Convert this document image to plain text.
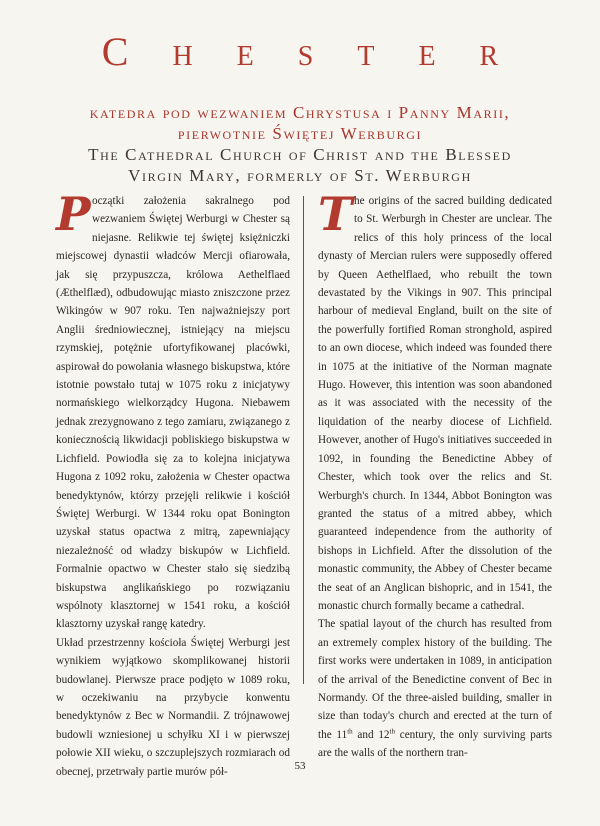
Chester
katedra pod wezwaniem Chrystusa i Panny Marii,
pierwotnie Świętej Werburgi
The Cathedral Church of Christ and the Blessed
Virgin Mary, formerly of St. Werburgh
P oczątki założenia sakralnego pod wezwaniem Świętej Werburgi w Chester są niejasne. Relikwie tej świętej księżniczki miejscowej dynastii władców Mercji ofiarowała, jak się przypuszcza, królowa Aethelflaed (Æthelflæd), odbudowując miasto zniszczone przez Wikingów w 907 roku. Ten najważniejszy port Anglii średniowiecznej, istniejący na miejscu rzymskiej, potężnie ufortyfikowanej placówki, aspirował do powołania własnego biskupstwa, które istotnie powstało tutaj w 1075 roku z inicjatywy normańskiego wielkorządcy Hugona. Niebawem jednak zrezygnowano z tego zamiaru, związanego z koniecznością likwidacji pobliskiego biskupstwa w Lichfield. Powiodła się za to kolejna inicjatywa Hugona z 1092 roku, założenia w Chester opactwa benedyktynów, którzy przejęli relikwie i kościół Świętej Werburgi. W 1344 roku opat Bonington uzyskał status opactwa z mitrą, zapewniający niezależność od władzy biskupów w Lichfield. Formalnie opactwo w Chester stało się siedzibą biskupstwa anglikańskiego po rozwiązaniu wspólnoty klasztornej w 1541 roku, a kościół klasztorny uzyskał rangę katedry.

Układ przestrzenny kościoła Świętej Werburgi jest wynikiem wyjątkowo skomplikowanej historii budowlanej. Pierwsze prace podjęto w 1089 roku, w oczekiwaniu na przybycie konwentu benedyktynów z Bec w Normandii. Z trójnawowej budowli wzniesionej u schyłku XI i w pierwszej połowie XII wieku, o szczuplejszych rozmiarach od obecnej, przetrwały partie murów pół-

T he origins of the sacred building dedicated to St. Werburgh in Chester are unclear. The relics of this holy princess of the local dynasty of Mercian rulers were supposedly offered by Queen Aethelflaed, who rebuilt the town devastated by the Vikings in 907. This principal harbour of medieval England, built on the site of the powerfully fortified Roman stronghold, aspired to an own diocese, which indeed was founded there in 1075 at the initiative of the Norman magnate Hugo. However, this intention was soon abandoned as it was associated with the necessity of the liquidation of the nearby diocese of Lichfield. However, another of Hugo's initiatives succeeded in 1092, in founding the Benedictine Abbey of Chester, which took over the relics and St. Werburgh's church. In 1344, Abbot Bonington was granted the status of a mitred abbey, which guaranteed independence from the authority of bishops in Lichfield. After the dissolution of the monastic community, the Abbey of Chester became the seat of an Anglican bishopric, and in 1541, the monastic church formally became a cathedral.

The spatial layout of the church has resulted from an extremely complex history of the building. The first works were undertaken in 1089, in anticipation of the arrival of the Benedictine convent of Bec in Normandy. Of the three-aisled building, smaller in size than today's church and erected at the turn of the 11th and 12th century, the only surviving parts are the walls of the northern tran-

53
